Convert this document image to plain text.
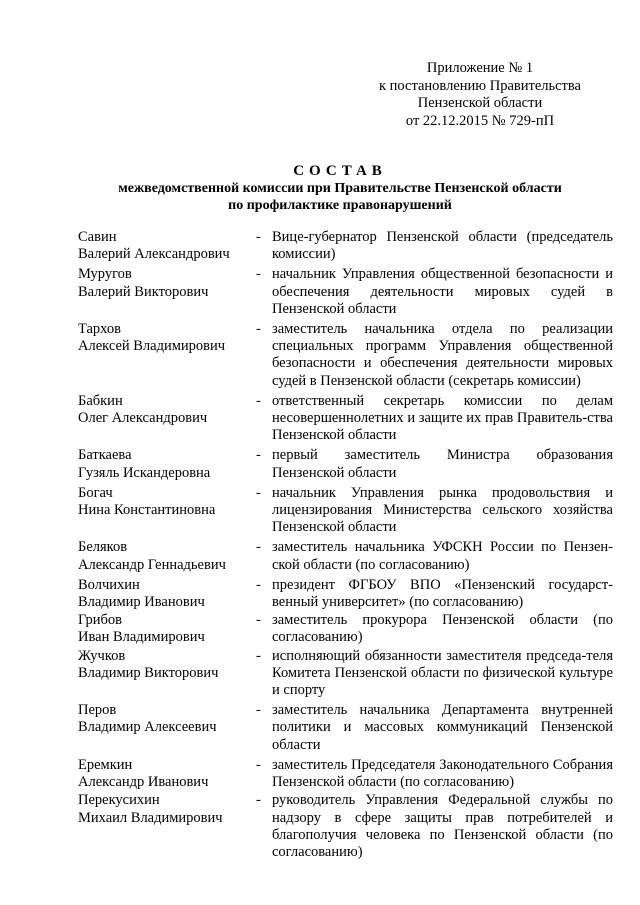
Приложение № 1
к постановлению Правительства
Пензенской области
от 22.12.2015 № 729-пП
СОСТАВ
межведомственной комиссии при Правительстве Пензенской области
по профилактике правонарушений
Савин
Валерий Александрович
- Вице-губернатор Пензенской области (председатель комиссии)
Муругов
Валерий Викторович
- начальник Управления общественной безопасности и обеспечения деятельности мировых судей в Пензенской области
Тархов
Алексей Владимирович
- заместитель начальника отдела по реализации специальных программ Управления общественной безопасности и обеспечения деятельности мировых судей в Пензенской области (секретарь комиссии)
Бабкин
Олег Александрович
- ответственный секретарь комиссии по делам несовершеннолетних и защите их прав Правитель-ства Пензенской области
Баткаева
Гузяль Искандеровна
- первый заместитель Министра образования Пензенской области
Богач
Нина Константиновна
- начальник Управления рынка продовольствия и лицензирования Министерства сельского хозяйства Пензенской области
Беляков
Александр Геннадьевич
- заместитель начальника УФСКН России по Пензен-ской области (по согласованию)
Волчихин
Владимир Иванович
- президент ФГБОУ ВПО «Пензенский государст-венный университет» (по согласованию)
Грибов
Иван Владимирович
- заместитель прокурора Пензенской области (по согласованию)
Жучков
Владимир Викторович
- исполняющий обязанности заместителя председа-теля Комитета Пензенской области по физической культуре и спорту
Перов
Владимир Алексеевич
- заместитель начальника Департамента внутренней политики и массовых коммуникаций Пензенской области
Еремкин
Александр Иванович
- заместитель Председателя Законодательного Собрания Пензенской области (по согласованию)
Перекусихин
Михаил Владимирович
- руководитель Управления Федеральной службы по надзору в сфере защиты прав потребителей и благополучия человека по Пензенской области (по согласованию)
